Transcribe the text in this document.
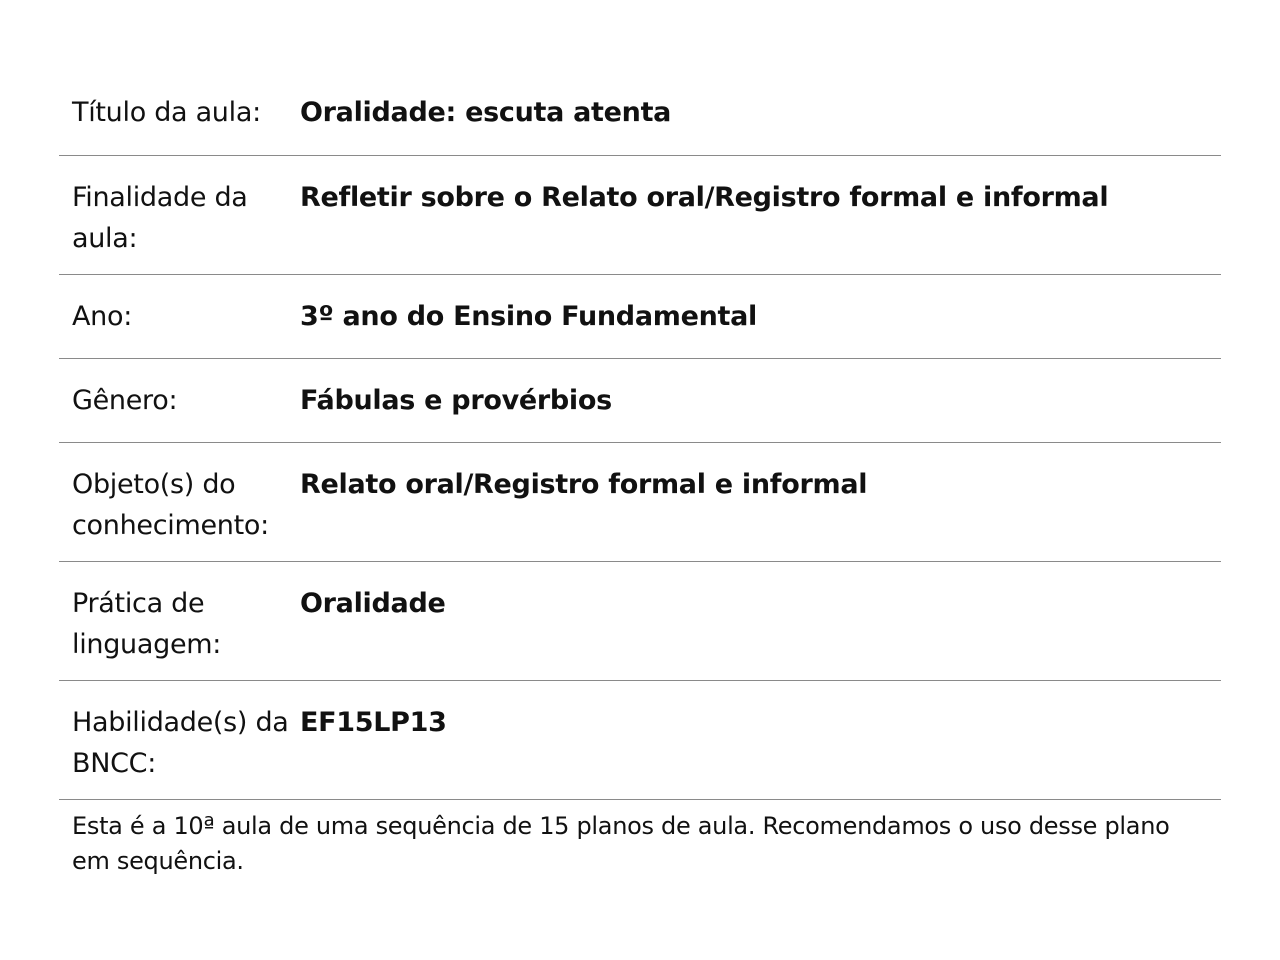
Título da aula:	Oralidade: escuta atenta
Finalidade da aula:
Refletir sobre o Relato oral/Registro formal e informal
Ano:	3º ano do Ensino Fundamental
Gênero:	Fábulas e provérbios
Objeto(s) do conhecimento:
Relato oral/Registro formal e informal
Prática de linguagem:
Oralidade
Habilidade(s) da BNCC:
EF15LP13
Esta é a 10ª aula de uma sequência de 15 planos de aula. Recomendamos o uso desse plano em sequência.
